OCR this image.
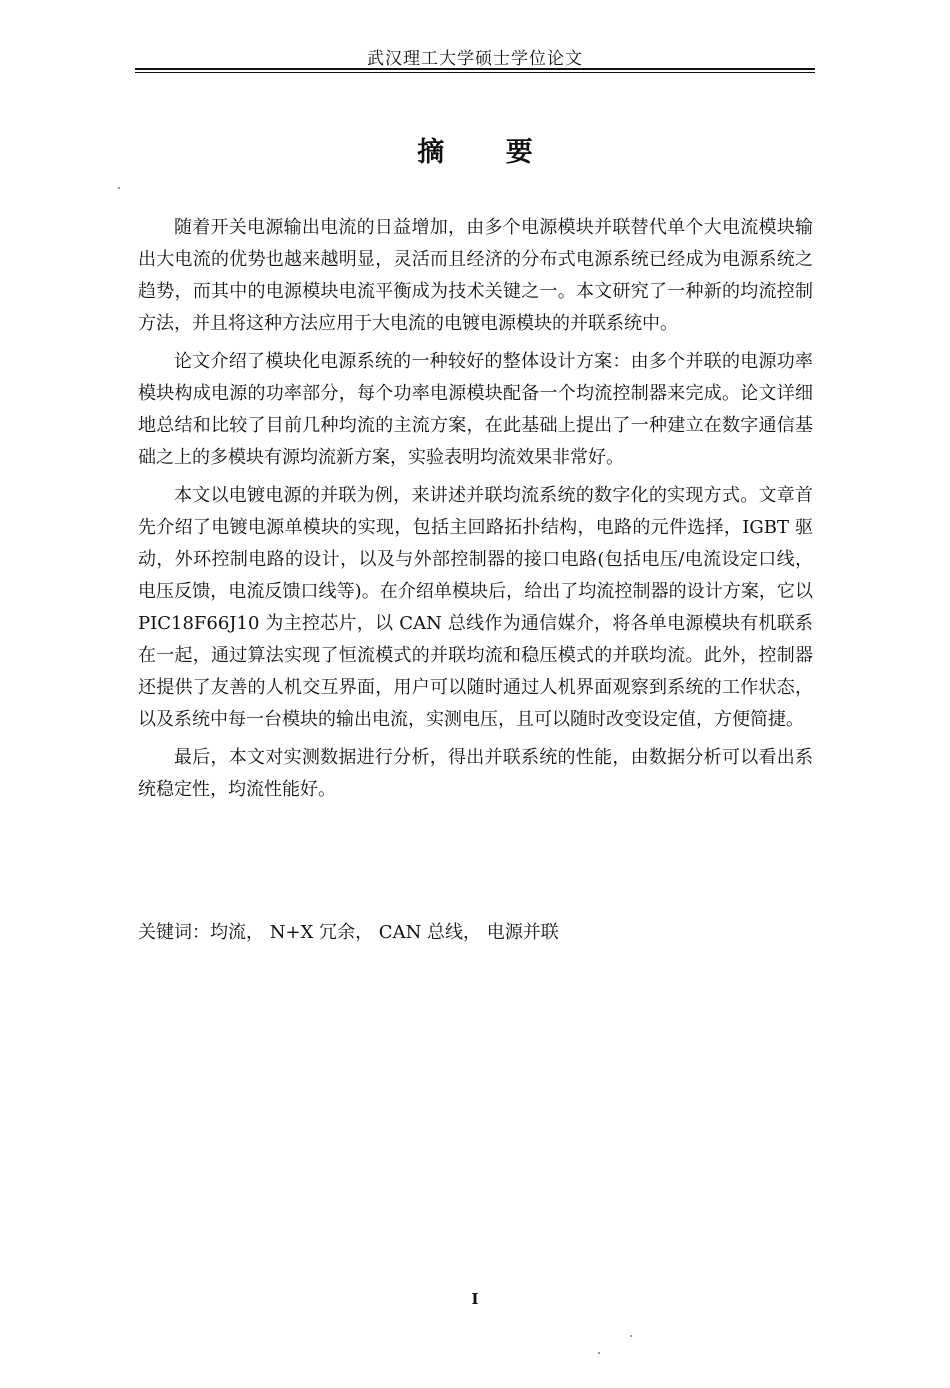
武汉理工大学硕士学位论文
摘 要

随着开关电源输出电流的日益增加，由多个电源模块并联替代单个大电流模块输出大电流的优势也越来越明显，灵活而且经济的分布式电源系统已经成为电源系统之趋势，而其中的电源模块电流平衡成为技术关键之一。本文研究了一种新的均流控制方法，并且将这种方法应用于大电流的电镀电源模块的并联系统中。

论文介绍了模块化电源系统的一种较好的整体设计方案：由多个并联的电源功率模块构成电源的功率部分，每个功率电源模块配备一个均流控制器来完成。论文详细地总结和比较了目前几种均流的主流方案，在此基础上提出了一种建立在数字通信基础之上的多模块有源均流新方案，实验表明均流效果非常好。

本文以电镀电源的并联为例，来讲述并联均流系统的数字化的实现方式。文章首先介绍了电镀电源单模块的实现，包括主回路拓扑结构，电路的元件选择，IGBT 驱动，外环控制电路的设计，以及与外部控制器的接口电路(包括电压/电流设定口线，电压反馈，电流反馈口线等)。在介绍单模块后，给出了均流控制器的设计方案，它以 PIC18F66J10 为主控芯片，以 CAN 总线作为通信媒介，将各单电源模块有机联系在一起，通过算法实现了恒流模式的并联均流和稳压模式的并联均流。此外，控制器还提供了友善的人机交互界面，用户可以随时通过人机界面观察到系统的工作状态，以及系统中每一台模块的输出电流，实测电压，且可以随时改变设定值，方便简捷。

最后，本文对实测数据进行分析，得出并联系统的性能，由数据分析可以看出系统稳定性，均流性能好。

关键词：均流， N+X 冗余， CAN 总线， 电源并联
I
